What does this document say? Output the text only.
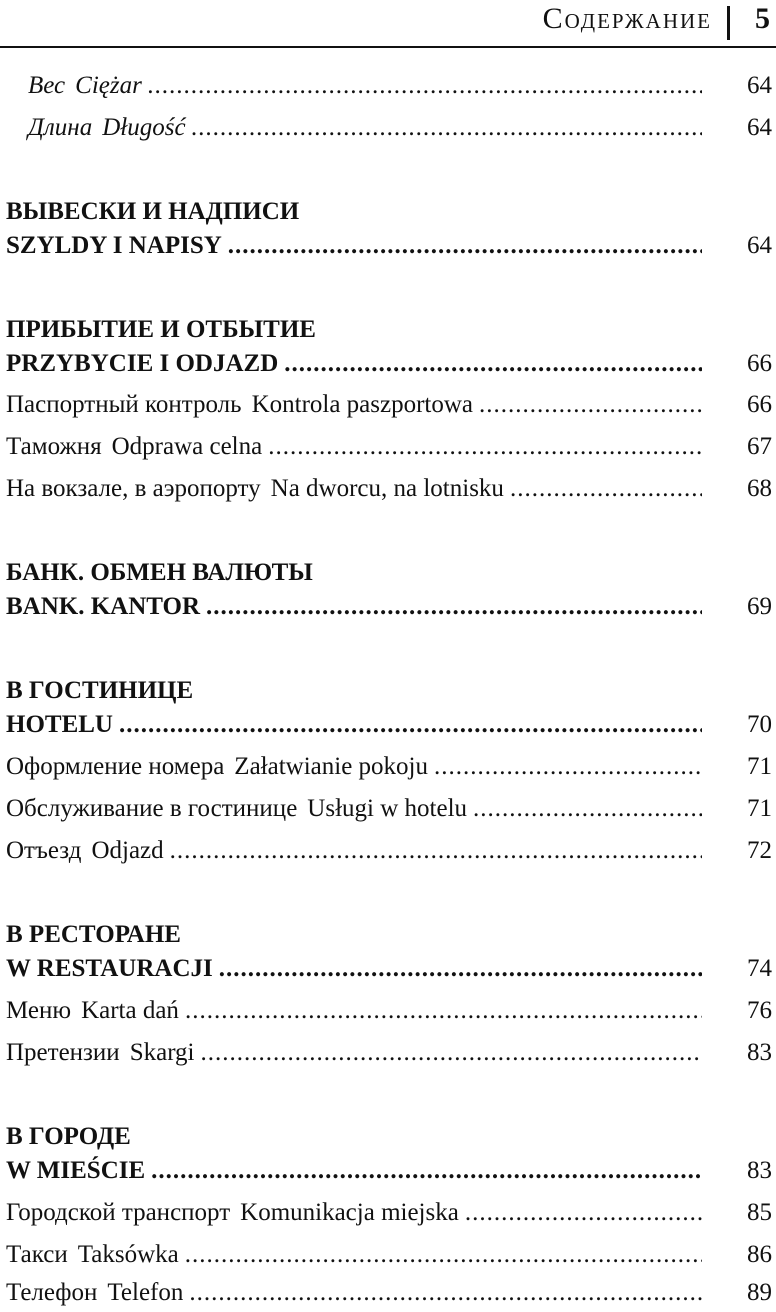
Содержание 5
Вес Ciężar .....	64
Длина Długość .....	64
ВЫВЕСКИ И НАДПИСИ
SZYLDY I NAPISY .....	64
ПРИБЫТИЕ И ОТБЫТИЕ
PRZYBYCIE I ODJAZD .....	66
Паспортный контроль Kontrola paszportowa .....	66
Таможня Odprawa celna .....	67
На вокзале, в аэропорту Na dworcu, na lotnisku .....	68
БАНК. ОБМЕН ВАЛЮТЫ
BANK. KANTOR .....	69
В ГОСТИНИЦЕ
HOTELU .....	70
Оформление номера Załatwianie pokoju .....	71
Обслуживание в гостинице Usługi w hotelu .....	71
Отъезд Odjazd .....	72
В РЕСТОРАНЕ
W RESTAURACJI .....	74
Меню Karta dań .....	76
Претензии Skargi .....	83
В ГОРОДЕ
W MIEŚCIE .....	83
Городской транспорт Komunikacja miejska .....	85
Такси Taksówka .....	86
Телефон Telefon .....	89
